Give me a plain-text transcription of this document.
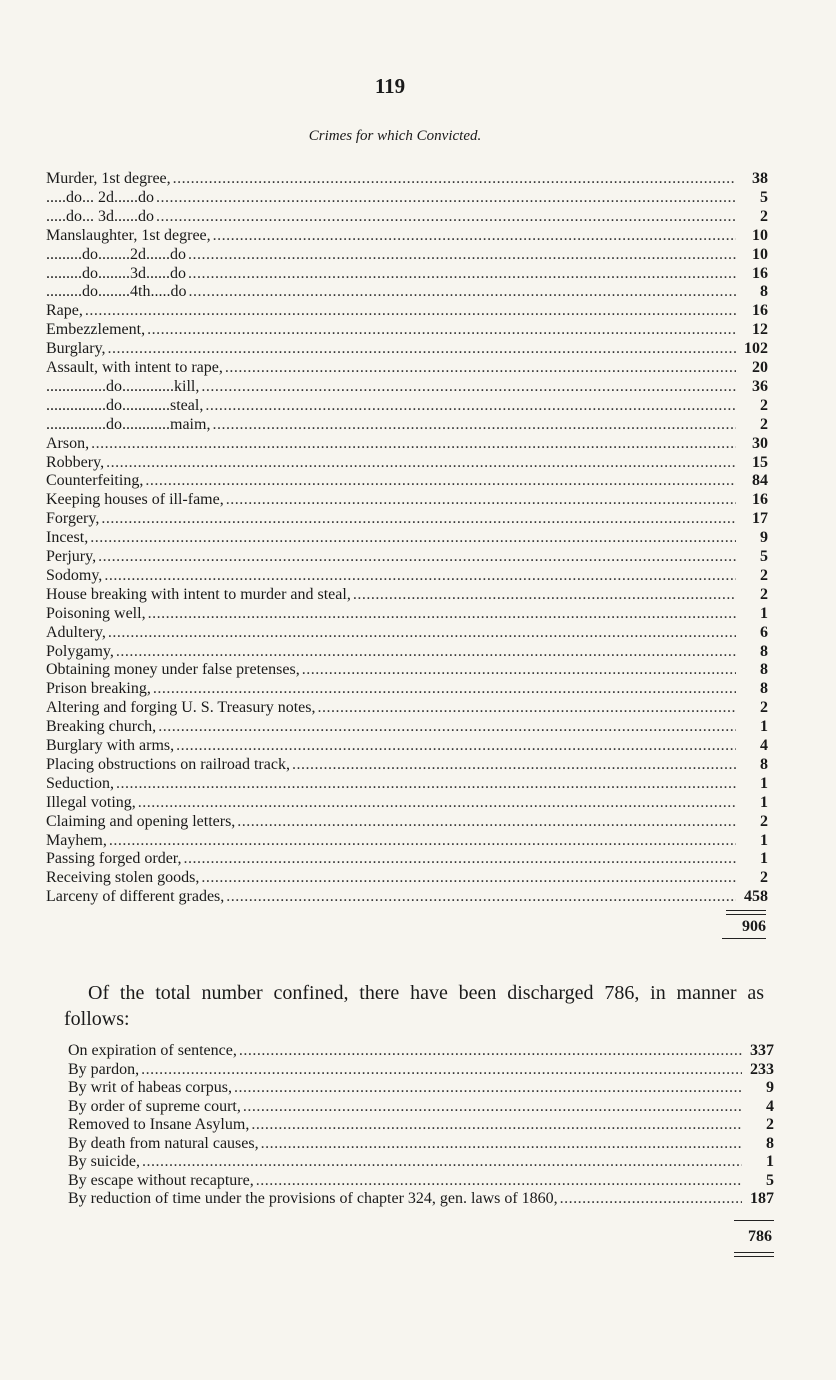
119
Crimes for which Convicted.
Murder, 1st degree, .....	38
.....do... 2d......do .....	5
.....do... 3d......do .....	2
Manslaughter, 1st degree, .....	10
.........do........2d......do .....	10
.........do........3d......do .....	16
.........do........4th.....do .....	8
Rape, .....	16
Embezzlement, .....	12
Burglary, .....	102
Assault, with intent to rape, .....	20
...............do.............kill, .....	36
...............do............steal, .....	2
...............do............maim, .....	2
Arson, .....	30
Robbery, .....	15
Counterfeiting, .....	84
Keeping houses of ill-fame, .....	16
Forgery, .....	17
Incest, .....	9
Perjury, .....	5
Sodomy, .....	2
House breaking with intent to murder and steal, .....	2
Poisoning well, .....	1
Adultery, .....	6
Polygamy, .....	8
Obtaining money under false pretenses, .....	8
Prison breaking, .....	8
Altering and forging U. S. Treasury notes, .....	2
Breaking church, .....	1
Burglary with arms, .....	4
Placing obstructions on railroad track, .....	8
Seduction, .....	1
Illegal voting, .....	1
Claiming and opening letters, .....	2
Mayhem, .....	1
Passing forged order, .....	1
Receiving stolen goods, .....	2
Larceny of different grades, .....	458
906
Of the total number confined, there have been discharged 786, in manner as follows:
On expiration of sentence, .....	337
By pardon, .....	233
By writ of habeas corpus, .....	9
By order of supreme court, .....	4
Removed to Insane Asylum, .....	2
By death from natural causes, .....	8
By suicide, .....	1
By escape without recapture, .....	5
By reduction of time under the provisions of chapter 324, gen. laws of 1860, .....	187
786
